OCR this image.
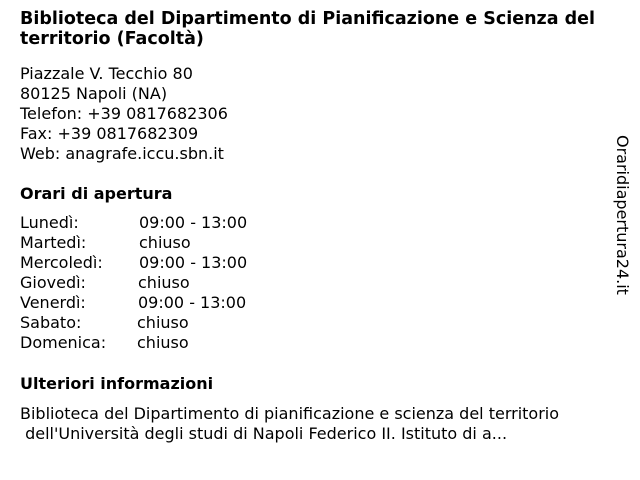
Biblioteca del Dipartimento di Pianificazione e Scienza del territorio (Facoltà)
Piazzale V. Tecchio 80
80125 Napoli (NA)
Telefon: +39 0817682306
Fax: +39 0817682309
Web: anagrafe.iccu.sbn.it
Orari di apertura
Lunedì:	09:00 - 13:00
Martedì:	chiuso
Mercoledì: 09:00 - 13:00
Giovedì:	chiuso
Venerdì:	09:00 - 13:00
Sabato:	chiuso
Domenica: chiuso
Ulteriori informazioni
Biblioteca del Dipartimento di pianificazione e scienza del territorio
dell'Università degli studi di Napoli Federico II. Istituto di a...
Oraridiapertura24.it
